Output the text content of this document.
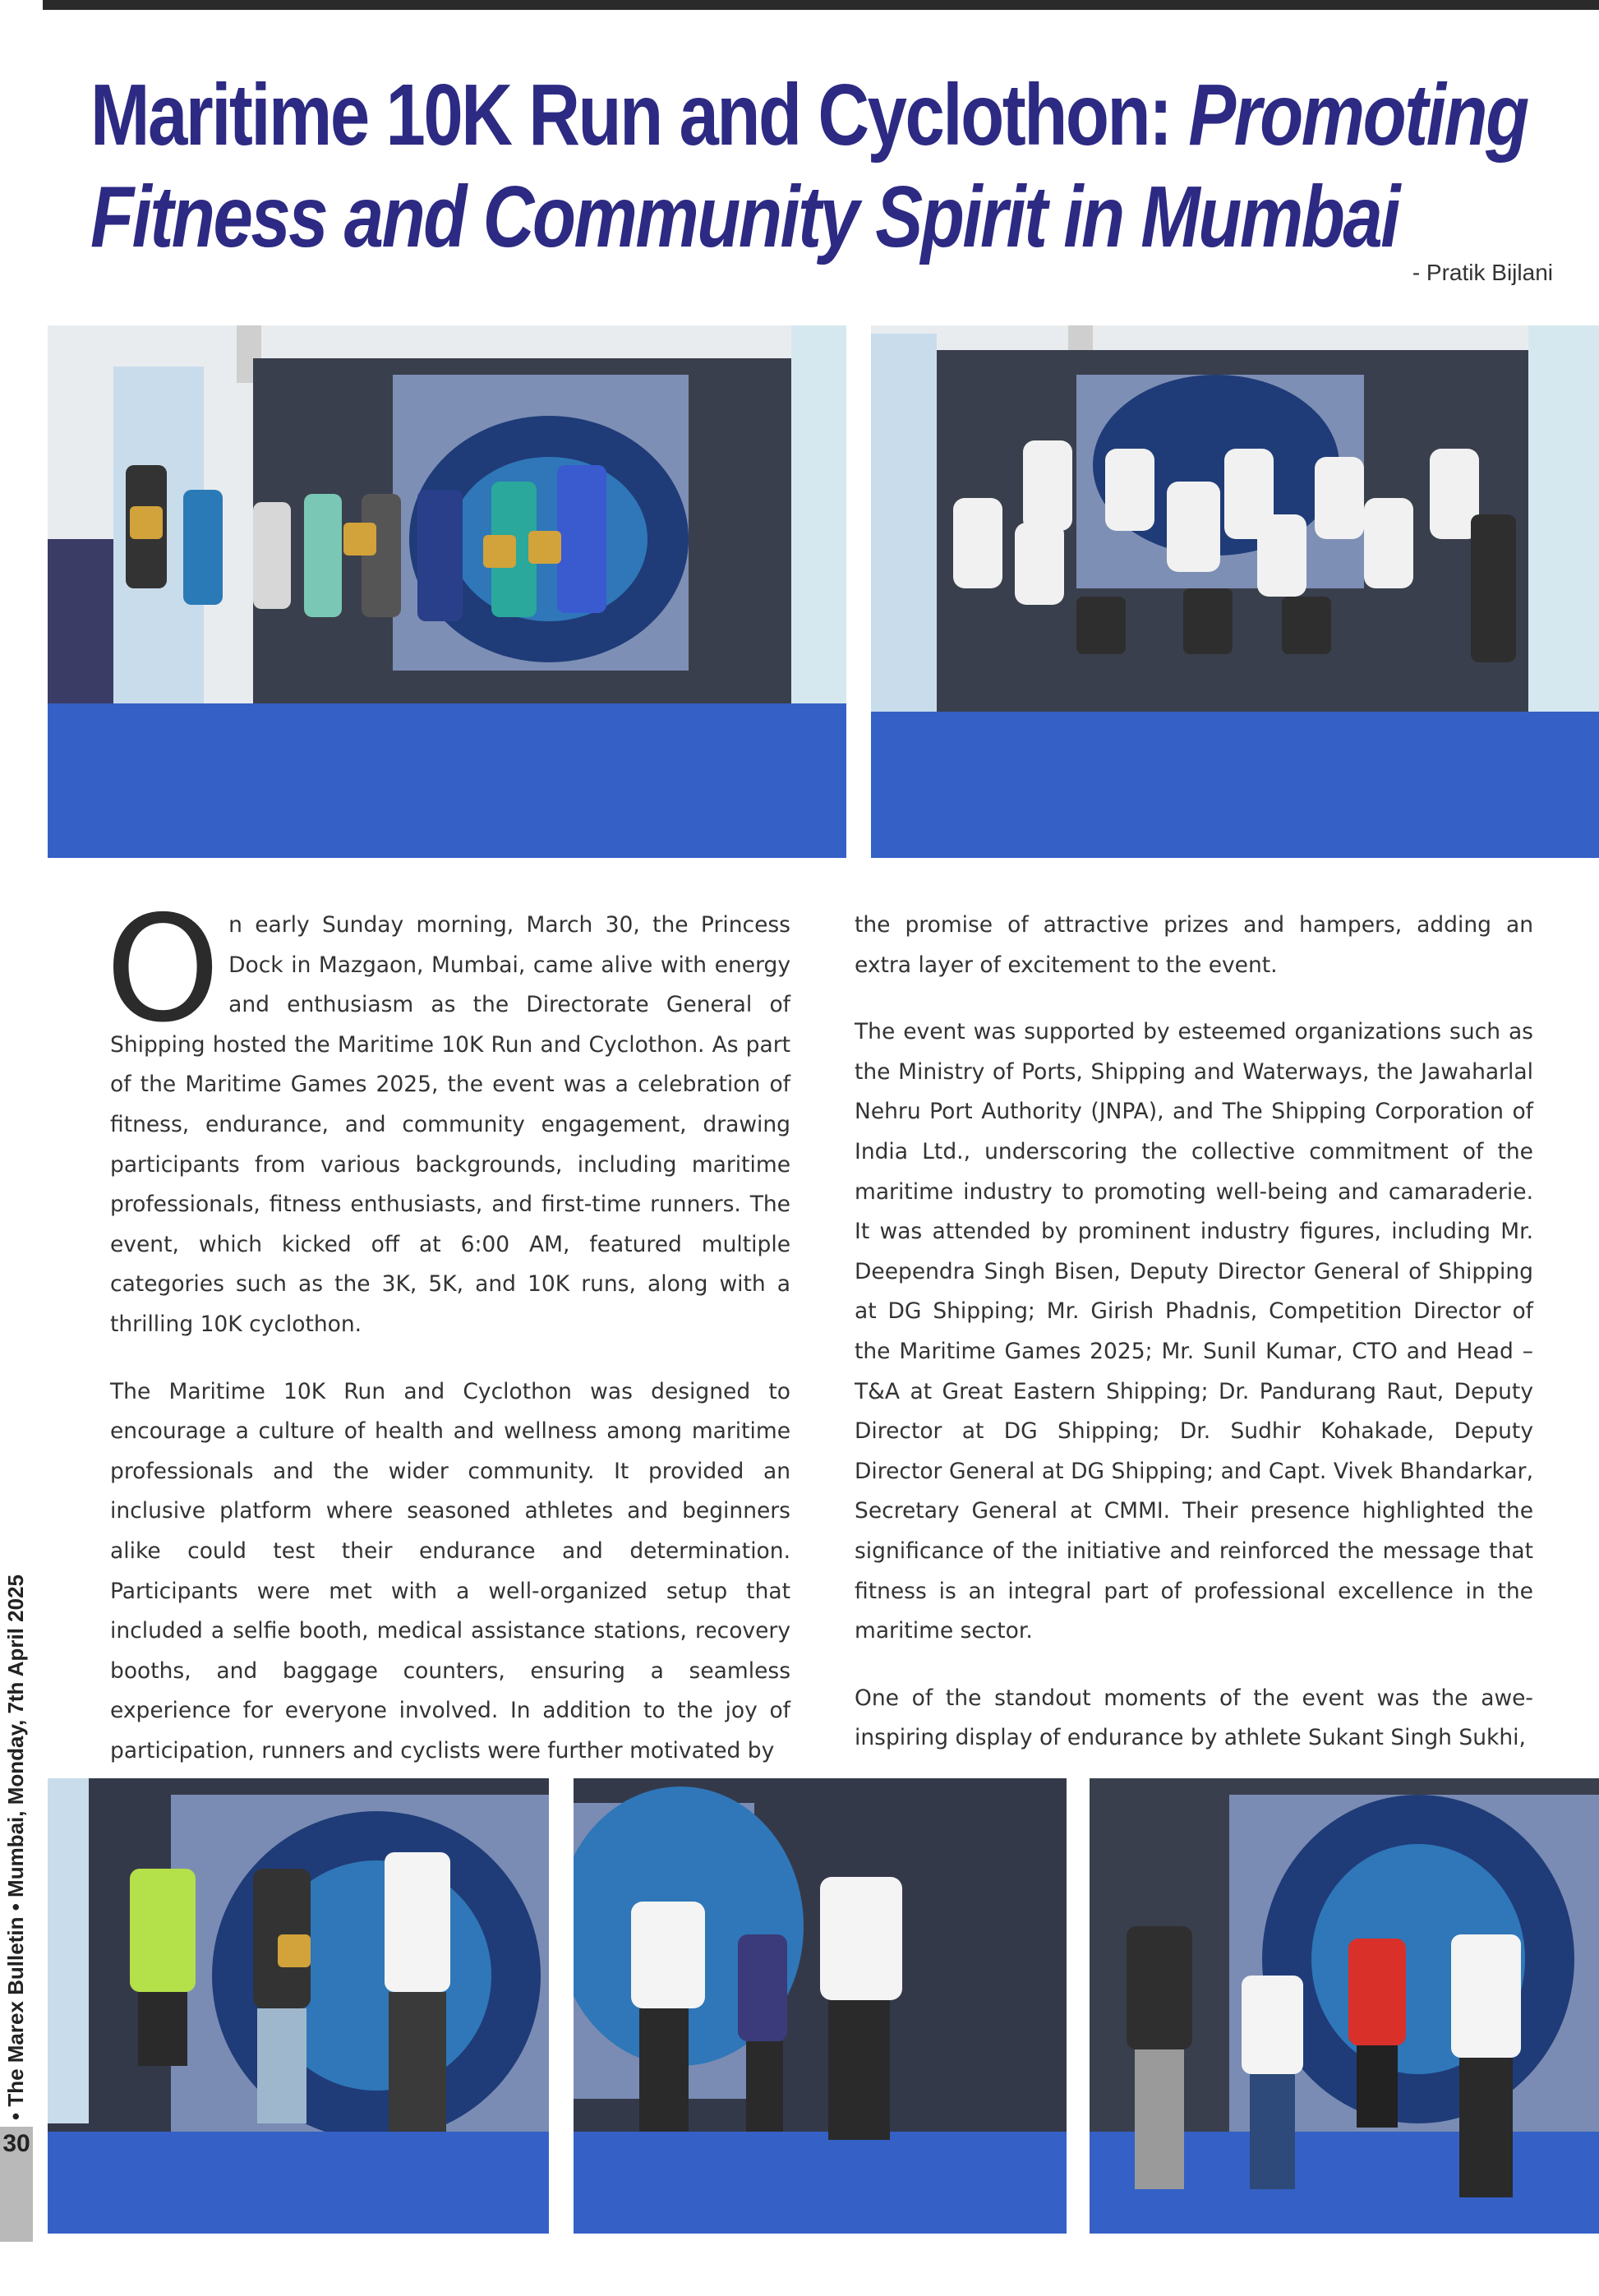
Maritime 10K Run and Cyclothon: Promoting
Fitness and Community Spirit in Mumbai
- Pratik Bijlani

On early Sunday morning, March 30, the Princess Dock in Mazgaon, Mumbai, came alive with energy and enthusiasm as the Directorate General of Shipping hosted the Maritime 10K Run and Cyclothon. As part of the Maritime Games 2025, the event was a celebration of fitness, endurance, and community engagement, drawing participants from various backgrounds, including maritime professionals, fitness enthusiasts, and first-time runners. The event, which kicked off at 6:00 AM, featured multiple categories such as the 3K, 5K, and 10K runs, along with a thrilling 10K cyclothon.

The Maritime 10K Run and Cyclothon was designed to encourage a culture of health and wellness among maritime professionals and the wider community. It provided an inclusive platform where seasoned athletes and beginners alike could test their endurance and determination. Participants were met with a well-organized setup that included a selfie booth, medical assistance stations, recovery booths, and baggage counters, ensuring a seamless experience for everyone involved. In addition to the joy of participation, runners and cyclists were further motivated by

the promise of attractive prizes and hampers, adding an extra layer of excitement to the event.

The event was supported by esteemed organizations such as the Ministry of Ports, Shipping and Waterways, the Jawaharlal Nehru Port Authority (JNPA), and The Shipping Corporation of India Ltd., underscoring the collective commitment of the maritime industry to promoting well-being and camaraderie. It was attended by prominent industry figures, including Mr. Deependra Singh Bisen, Deputy Director General of Shipping at DG Shipping; Mr. Girish Phadnis, Competition Director of the Maritime Games 2025; Mr. Sunil Kumar, CTO and Head – T&A at Great Eastern Shipping; Dr. Pandurang Raut, Deputy Director at DG Shipping; Dr. Sudhir Kohakade, Deputy Director General at DG Shipping; and Capt. Vivek Bhandarkar, Secretary General at CMMI. Their presence highlighted the significance of the initiative and reinforced the message that fitness is an integral part of professional excellence in the maritime sector.

One of the standout moments of the event was the awe-inspiring display of endurance by athlete Sukant Singh Sukhi,

• The Marex Bulletin • Mumbai, Monday, 7th April 2025
30
